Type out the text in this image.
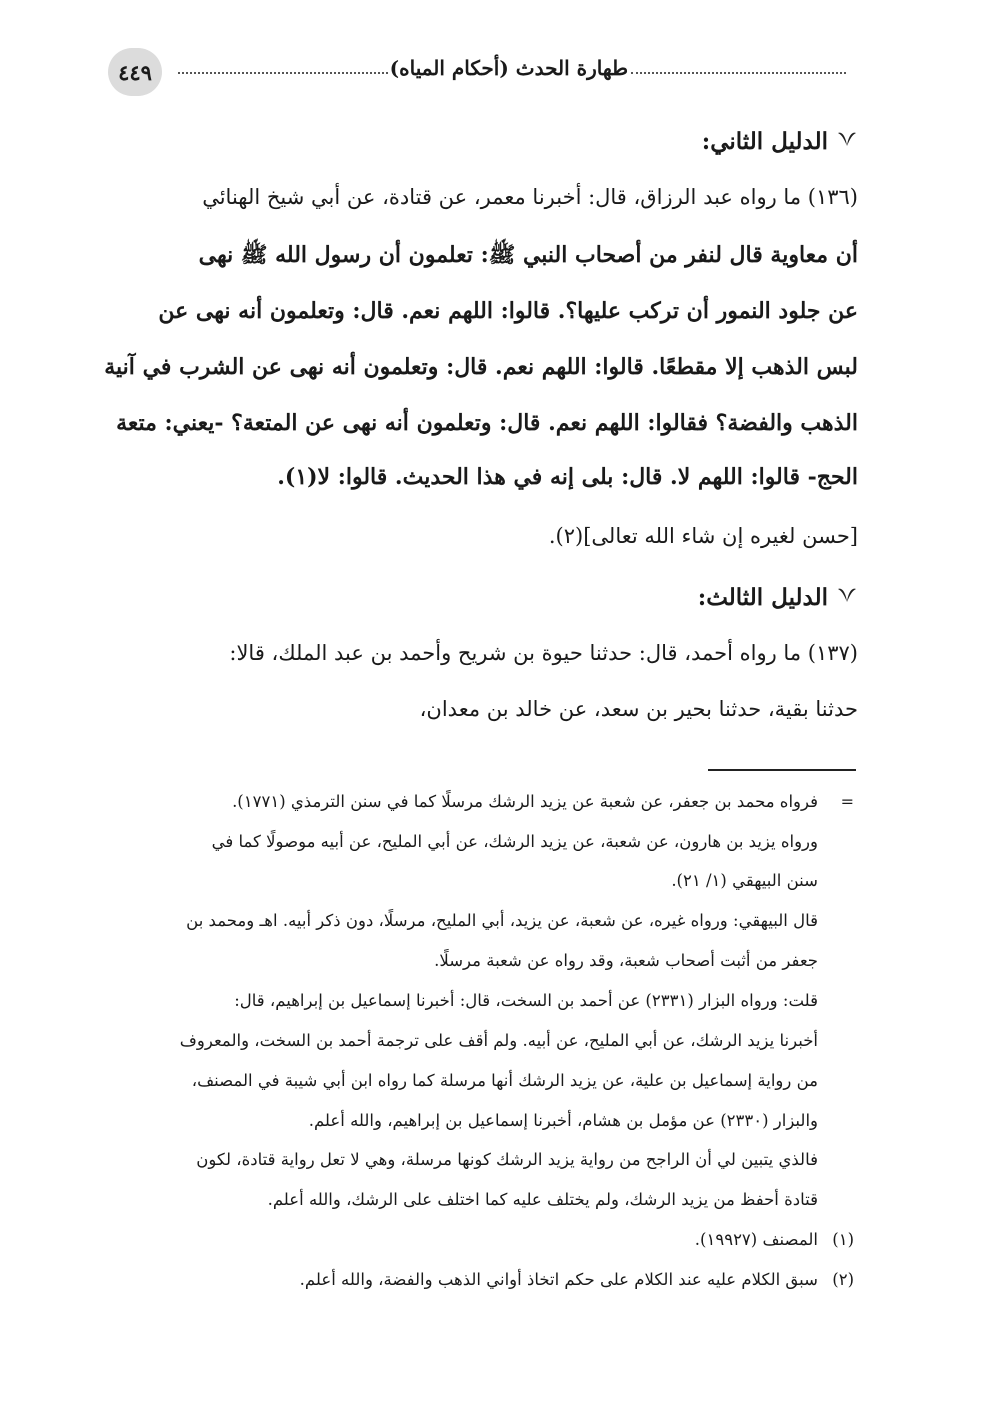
٤٤٩	طهارة الحدث (أحكام المياه)
الدليل الثاني:
(١٣٦) ما رواه عبد الرزاق، قال: أخبرنا معمر، عن قتادة، عن أبي شيخ الهنائي
أن معاوية قال لنفر من أصحاب النبي ﷺ: تعلمون أن رسول الله ﷺ نهى
عن جلود النمور أن تركب عليها؟. قالوا: اللهم نعم. قال: وتعلمون أنه نهى عن
لبس الذهب إلا مقطعًا. قالوا: اللهم نعم. قال: وتعلمون أنه نهى عن الشرب في آنية
الذهب والفضة؟ فقالوا: اللهم نعم. قال: وتعلمون أنه نهى عن المتعة؟ -يعني: متعة
الحج- قالوا: اللهم لا. قال: بلى إنه في هذا الحديث. قالوا: لا(١).
[حسن لغيره إن شاء الله تعالى](٢).
الدليل الثالث:
(١٣٧) ما رواه أحمد، قال: حدثنا حيوة بن شريح وأحمد بن عبد الملك، قالا:
حدثنا بقية، حدثنا بحير بن سعد، عن خالد بن معدان،
=
فرواه محمد بن جعفر، عن شعبة عن يزيد الرشك مرسلًا كما في سنن الترمذي (١٧٧١).
ورواه يزيد بن هارون، عن شعبة، عن يزيد الرشك، عن أبي المليح، عن أبيه موصولًا كما في
سنن البيهقي (١/ ٢١).
قال البيهقي: ورواه غيره، عن شعبة، عن يزيد، أبي المليح، مرسلًا، دون ذكر أبيه. اهـ ومحمد بن
جعفر من أثبت أصحاب شعبة، وقد رواه عن شعبة مرسلًا.
قلت: ورواه البزار (٢٣٣١) عن أحمد بن السخت، قال: أخبرنا إسماعيل بن إبراهيم، قال:
أخبرنا يزيد الرشك، عن أبي المليح، عن أبيه. ولم أقف على ترجمة أحمد بن السخت، والمعروف
من رواية إسماعيل بن علية، عن يزيد الرشك أنها مرسلة كما رواه ابن أبي شيبة في المصنف،
والبزار (٢٣٣٠) عن مؤمل بن هشام، أخبرنا إسماعيل بن إبراهيم، والله أعلم.
فالذي يتبين لي أن الراجح من رواية يزيد الرشك كونها مرسلة، وهي لا تعل رواية قتادة، لكون
قتادة أحفظ من يزيد الرشك، ولم يختلف عليه كما اختلف على الرشك، والله أعلم.
(١)
المصنف (١٩٩٢٧).
(٢)
سبق الكلام عليه عند الكلام على حكم اتخاذ أواني الذهب والفضة، والله أعلم.
